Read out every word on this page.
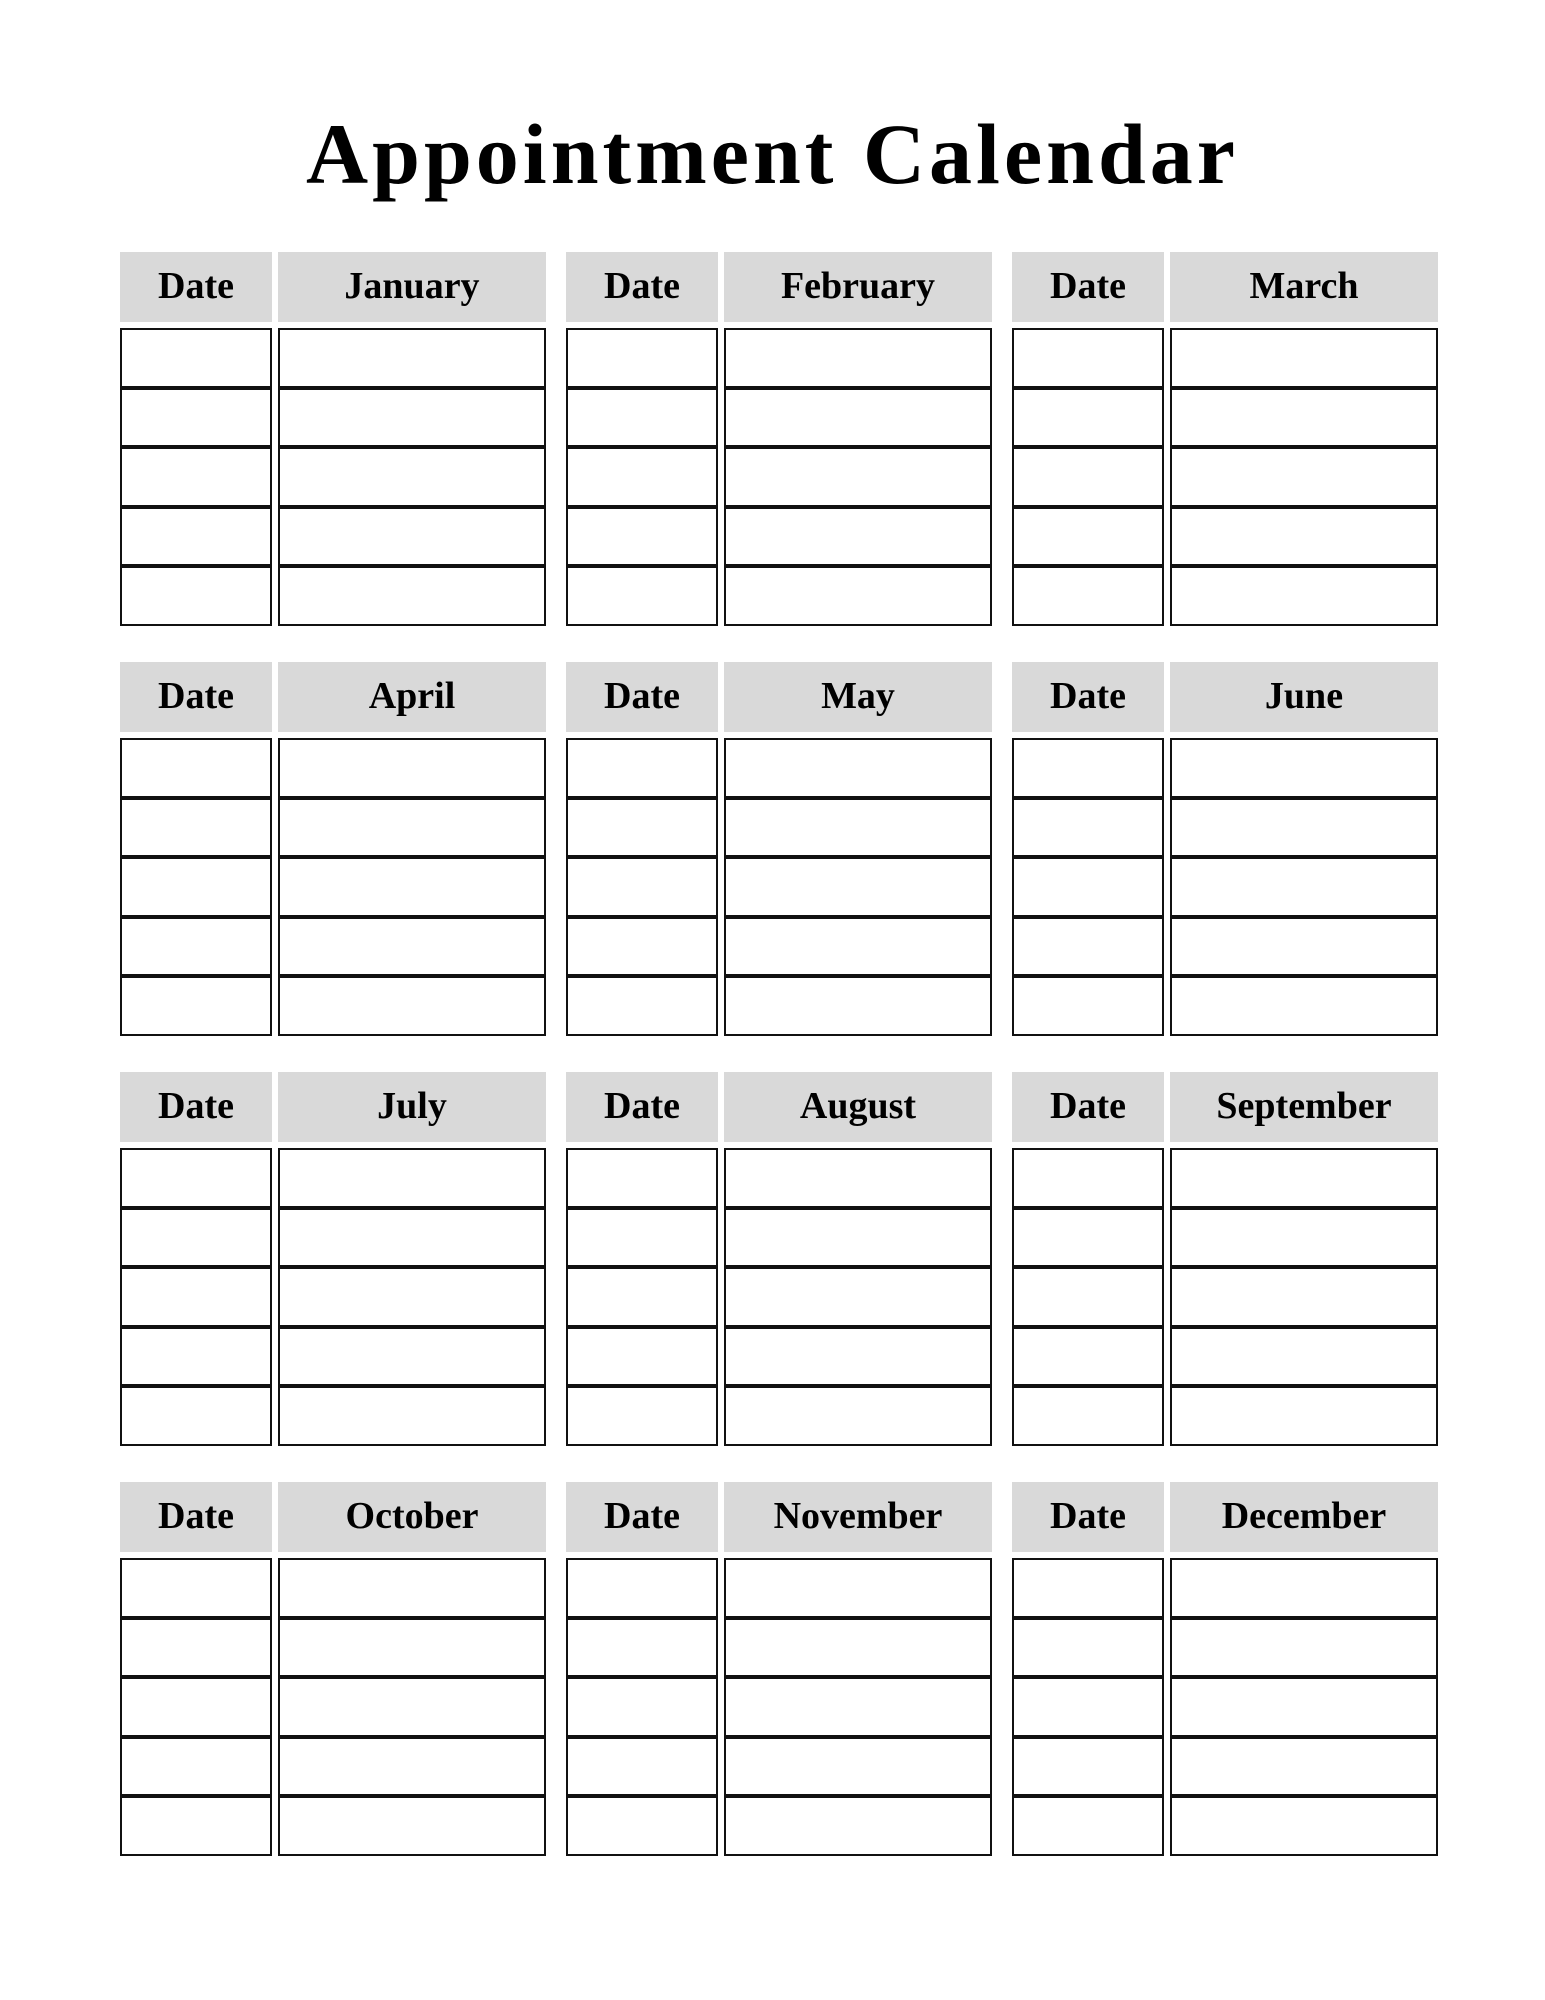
Appointment Calendar
Date	January	Date	February	Date	March
Date	April	Date	May	Date	June
Date	July	Date	August	Date	September
Date	October	Date	November	Date	December
